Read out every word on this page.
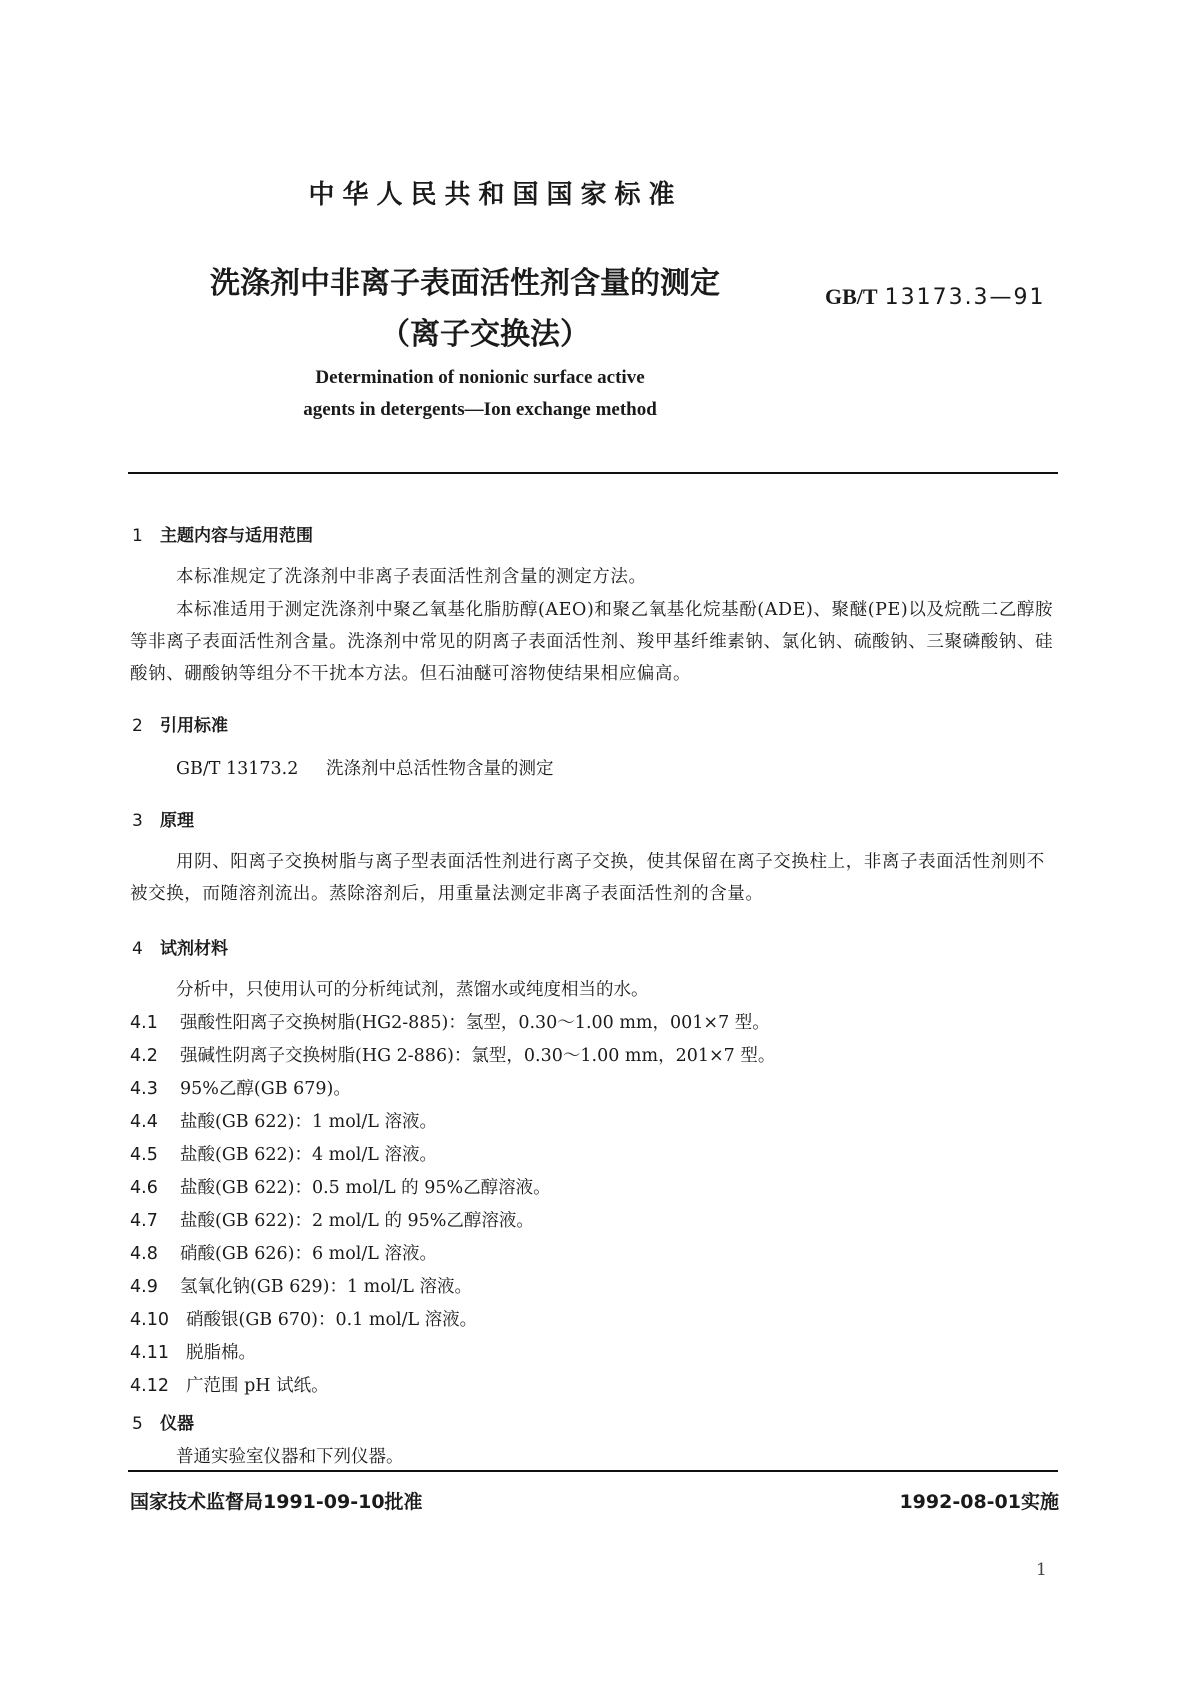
中华人民共和国国家标准
洗涤剂中非离子表面活性剂含量的测定
（离子交换法）
GB/T 13173.3—91
Determination of nonionic surface active
agents in detergents—Ion exchange method
1 主题内容与适用范围
本标准规定了洗涤剂中非离子表面活性剂含量的测定方法。
本标准适用于测定洗涤剂中聚乙氧基化脂肪醇(AEO)和聚乙氧基化烷基酚(ADE)、聚醚(PE)以及烷酰二乙醇胺等非离子表面活性剂含量。洗涤剂中常见的阴离子表面活性剂、羧甲基纤维素钠、氯化钠、硫酸钠、三聚磷酸钠、硅酸钠、硼酸钠等组分不干扰本方法。但石油醚可溶物使结果相应偏高。
2 引用标准
GB/T 13173.2 洗涤剂中总活性物含量的测定
3 原理
用阴、阳离子交换树脂与离子型表面活性剂进行离子交换，使其保留在离子交换柱上，非离子表面活性剂则不被交换，而随溶剂流出。蒸除溶剂后，用重量法测定非离子表面活性剂的含量。
4 试剂材料
分析中，只使用认可的分析纯试剂，蒸馏水或纯度相当的水。
4.1 强酸性阳离子交换树脂(HG2-885)：氢型，0.30～1.00 mm，001×7 型。
4.2 强碱性阴离子交换树脂(HG 2-886)：氯型，0.30～1.00 mm，201×7 型。
4.3 95%乙醇(GB 679)。
4.4 盐酸(GB 622)：1 mol/L 溶液。
4.5 盐酸(GB 622)：4 mol/L 溶液。
4.6 盐酸(GB 622)：0.5 mol/L 的 95%乙醇溶液。
4.7 盐酸(GB 622)：2 mol/L 的 95%乙醇溶液。
4.8 硝酸(GB 626)：6 mol/L 溶液。
4.9 氢氧化钠(GB 629)：1 mol/L 溶液。
4.10 硝酸银(GB 670)：0.1 mol/L 溶液。
4.11 脱脂棉。
4.12 广范围 pH 试纸。
5 仪器
普通实验室仪器和下列仪器。
国家技术监督局1991-09-10批准	1992-08-01实施
1
